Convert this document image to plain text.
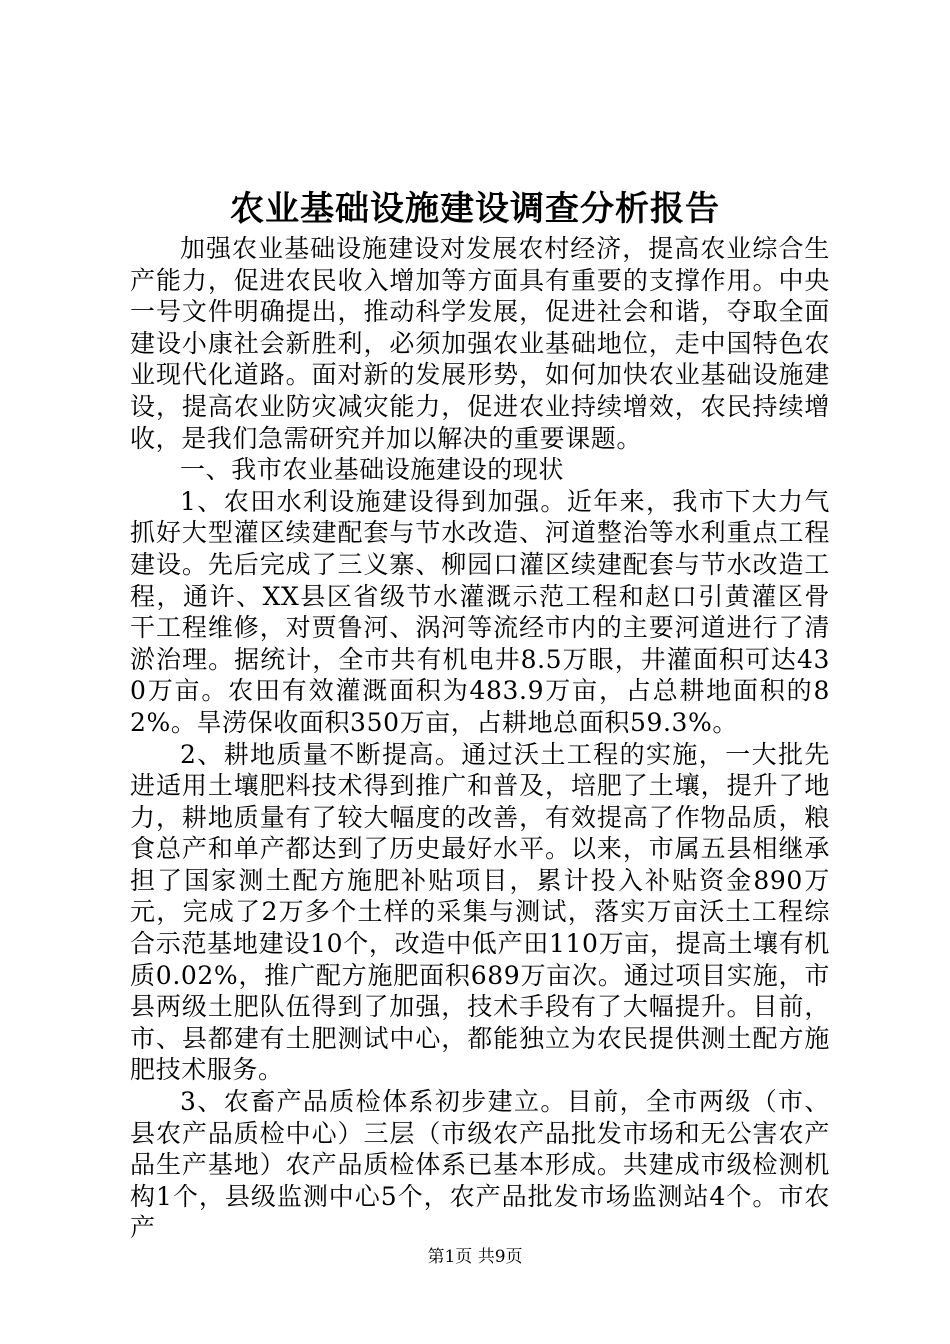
农业基础设施建设调查分析报告

加强农业基础设施建设对发展农村经济，提高农业综合生产能力，促进农民收入增加等方面具有重要的支撑作用。中央一号文件明确提出，推动科学发展，促进社会和谐，夺取全面建设小康社会新胜利，必须加强农业基础地位，走中国特色农业现代化道路。面对新的发展形势，如何加快农业基础设施建设，提高农业防灾减灾能力，促进农业持续增效，农民持续增收，是我们急需研究并加以解决的重要课题。

一、我市农业基础设施建设的现状

1、农田水利设施建设得到加强。近年来，我市下大力气抓好大型灌区续建配套与节水改造、河道整治等水利重点工程建设。先后完成了三义寨、柳园口灌区续建配套与节水改造工程，通许、XX县区省级节水灌溉示范工程和赵口引黄灌区骨干工程维修，对贾鲁河、涡河等流经市内的主要河道进行了清淤治理。据统计，全市共有机电井8.5万眼，井灌面积可达430万亩。农田有效灌溉面积为483.9万亩，占总耕地面积的82%。旱涝保收面积350万亩，占耕地总面积59.3%。

2、耕地质量不断提高。通过沃土工程的实施，一大批先进适用土壤肥料技术得到推广和普及，培肥了土壤，提升了地力，耕地质量有了较大幅度的改善，有效提高了作物品质，粮食总产和单产都达到了历史最好水平。以来，市属五县相继承担了国家测土配方施肥补贴项目，累计投入补贴资金890万元，完成了2万多个土样的采集与测试，落实万亩沃土工程综合示范基地建设10个，改造中低产田110万亩，提高土壤有机质0.02%，推广配方施肥面积689万亩次。通过项目实施，市县两级土肥队伍得到了加强，技术手段有了大幅提升。目前，市、县都建有土肥测试中心，都能独立为农民提供测土配方施肥技术服务。

3、农畜产品质检体系初步建立。目前，全市两级（市、县农产品质检中心）三层（市级农产品批发市场和无公害农产品生产基地）农产品质检体系已基本形成。共建成市级检测机构1个，县级监测中心5个，农产品批发市场监测站4个。市农产

第1页 共9页
